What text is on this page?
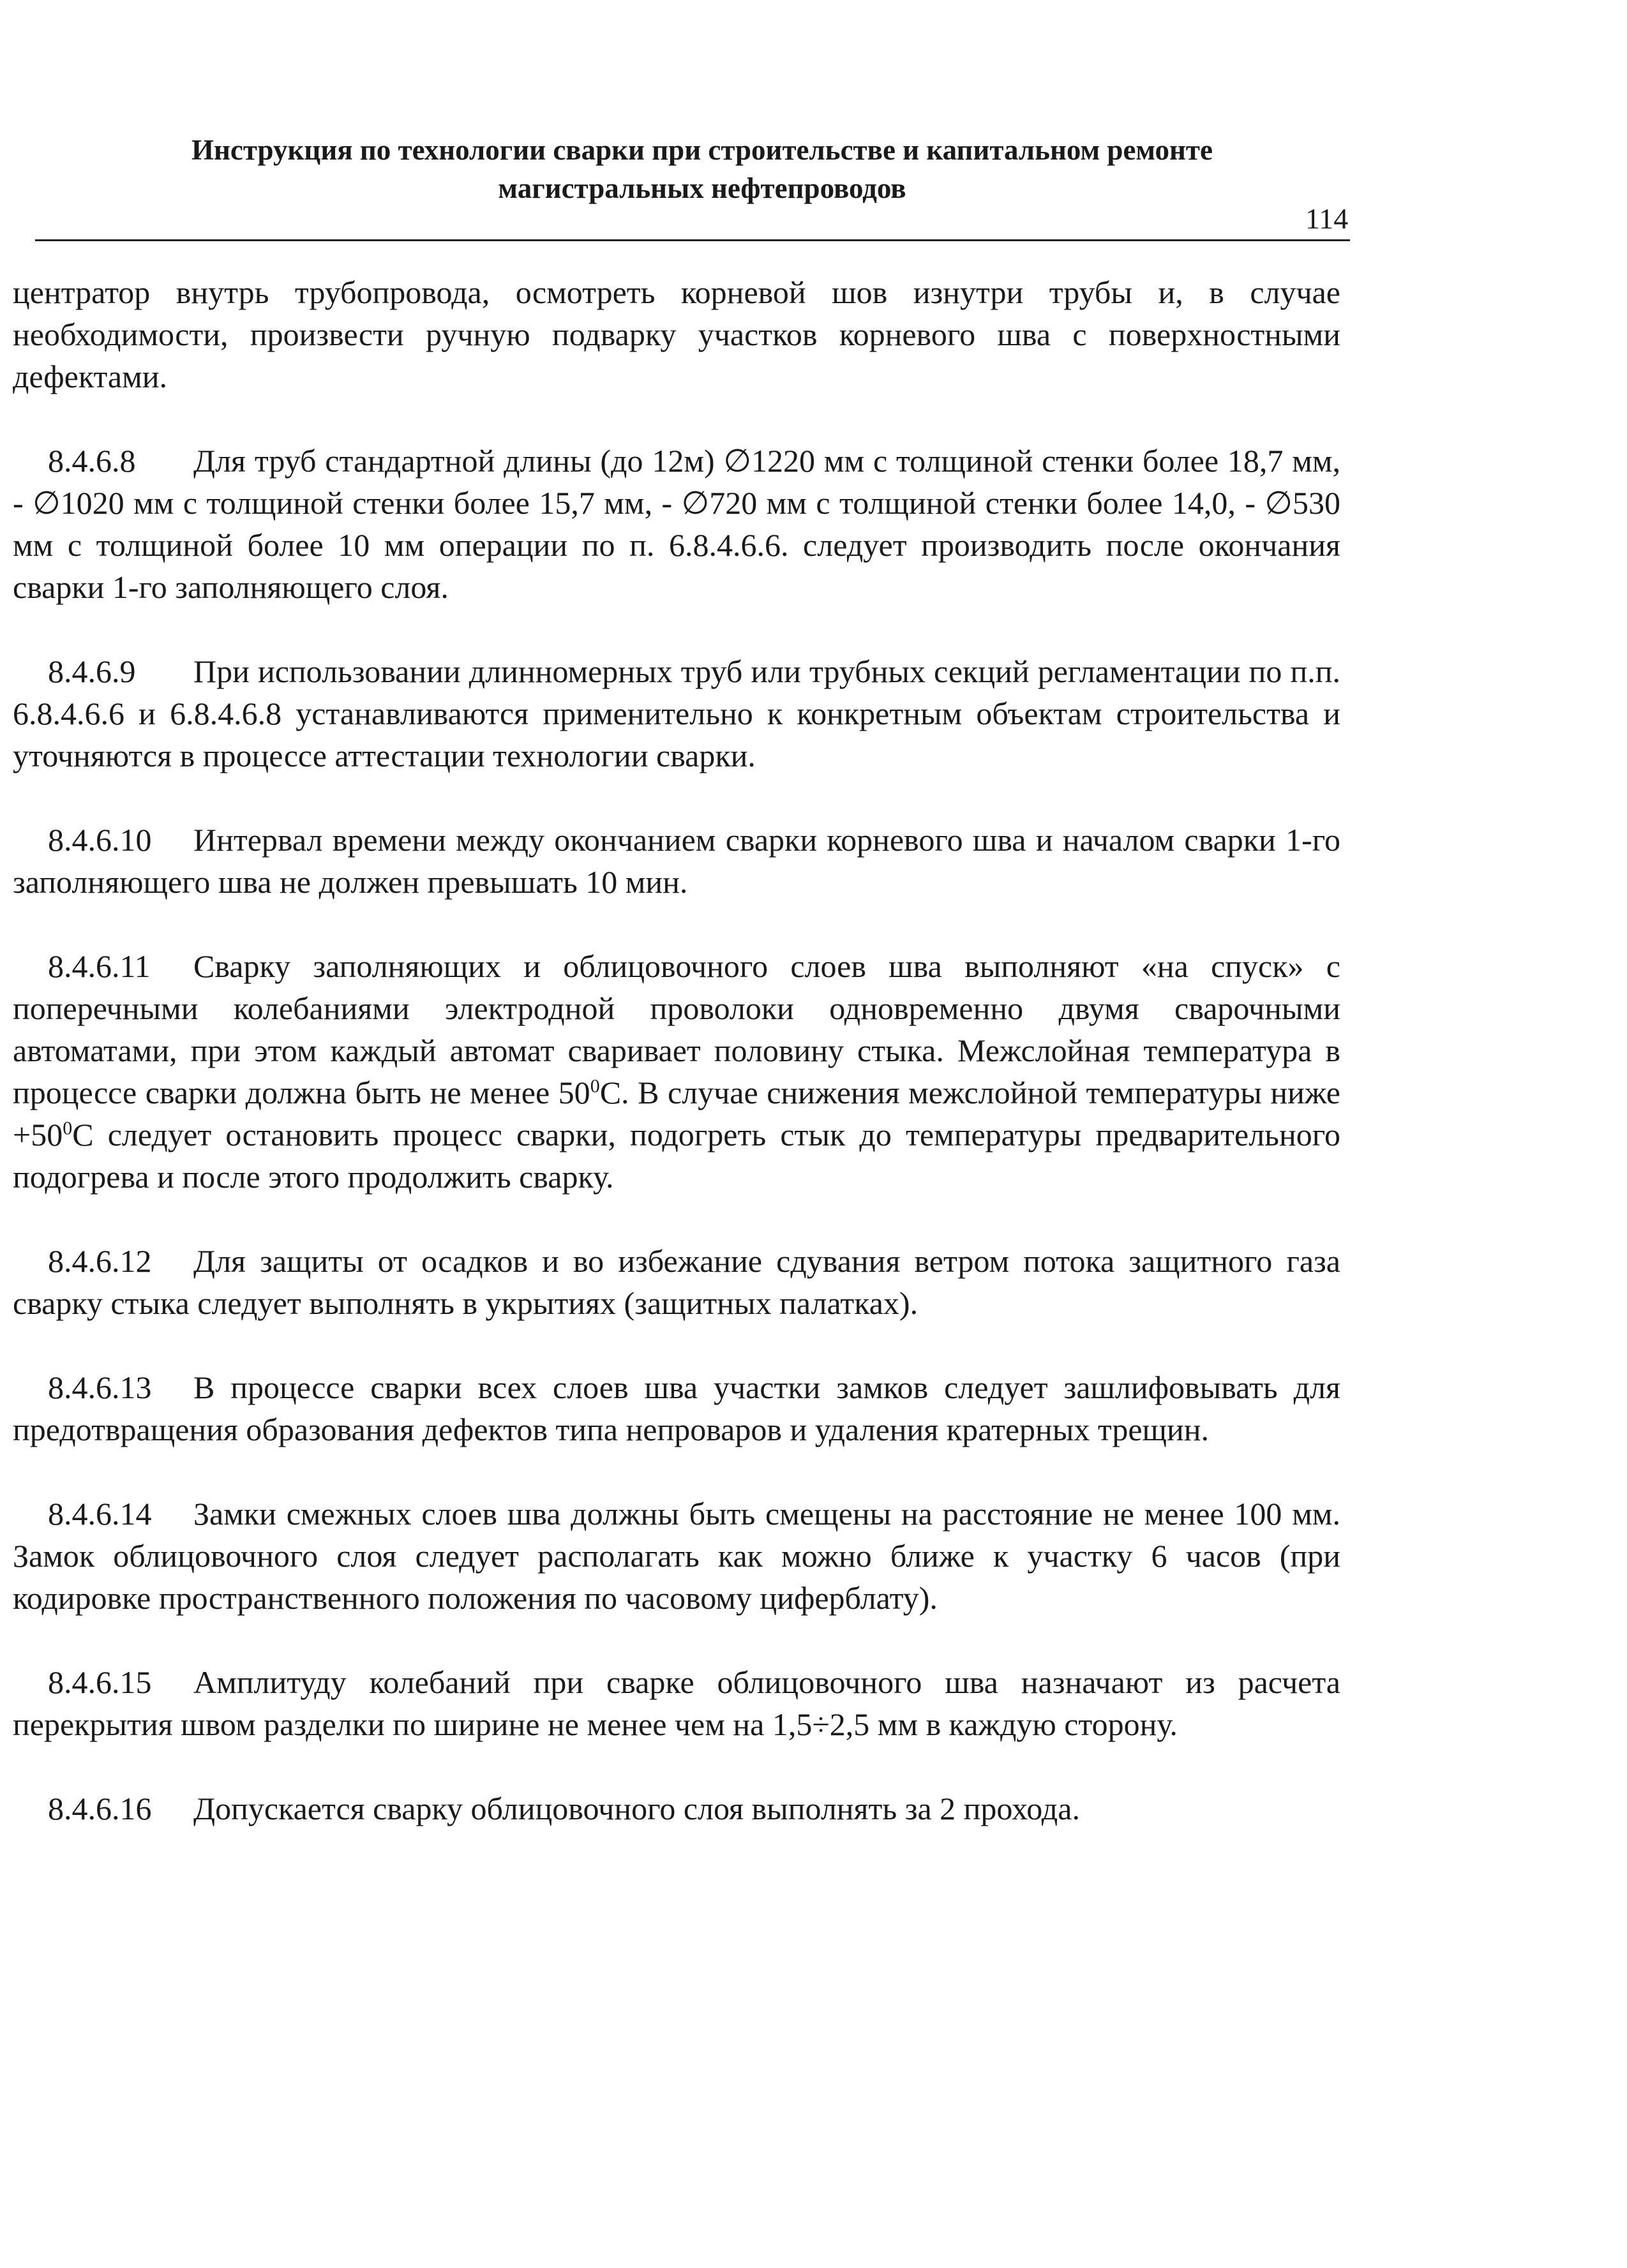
Инструкция по технологии сварки при строительстве и капитальном ремонте
магистральных нефтепроводов
114

центратор внутрь трубопровода, осмотреть корневой шов изнутри трубы и, в случае необходимости, произвести ручную подварку участков корневого шва с поверхностными дефектами.

8.4.6.8 Для труб стандартной длины (до 12м) ∅1220 мм с толщиной стенки более 18,7 мм, - ∅1020 мм с толщиной стенки более 15,7 мм, - ∅720 мм с толщиной стенки более 14,0, - ∅530 мм с толщиной более 10 мм операции по п. 6.8.4.6.6. следует производить после окончания сварки 1-го заполняющего слоя.

8.4.6.9 При использовании длинномерных труб или трубных секций регламентации по п.п. 6.8.4.6.6 и 6.8.4.6.8 устанавливаются применительно к конкретным объектам строительства и уточняются в процессе аттестации технологии сварки.

8.4.6.10 Интервал времени между окончанием сварки корневого шва и началом сварки 1-го заполняющего шва не должен превышать 10 мин.

8.4.6.11 Сварку заполняющих и облицовочного слоев шва выполняют «на спуск» с поперечными колебаниями электродной проволоки одновременно двумя сварочными автоматами, при этом каждый автомат сваривает половину стыка. Межслойная температура в процессе сварки должна быть не менее $50^0С$. В случае снижения межслойной температуры ниже $+50^0С$ следует остановить процесс сварки, подогреть стык до температуры предварительного подогрева и после этого продолжить сварку.

8.4.6.12 Для защиты от осадков и во избежание сдувания ветром потока защитного газа сварку стыка следует выполнять в укрытиях (защитных палатках).

8.4.6.13 В процессе сварки всех слоев шва участки замков следует зашлифовывать для предотвращения образования дефектов типа непроваров и удаления кратерных трещин.

8.4.6.14 Замки смежных слоев шва должны быть смещены на расстояние не менее 100 мм. Замок облицовочного слоя следует располагать как можно ближе к участку 6 часов (при кодировке пространственного положения по часовому циферблату).

8.4.6.15 Амплитуду колебаний при сварке облицовочного шва назначают из расчета перекрытия швом разделки по ширине не менее чем на 1,5÷2,5 мм в каждую сторону.

8.4.6.16 Допускается сварку облицовочного слоя выполнять за 2 прохода.
